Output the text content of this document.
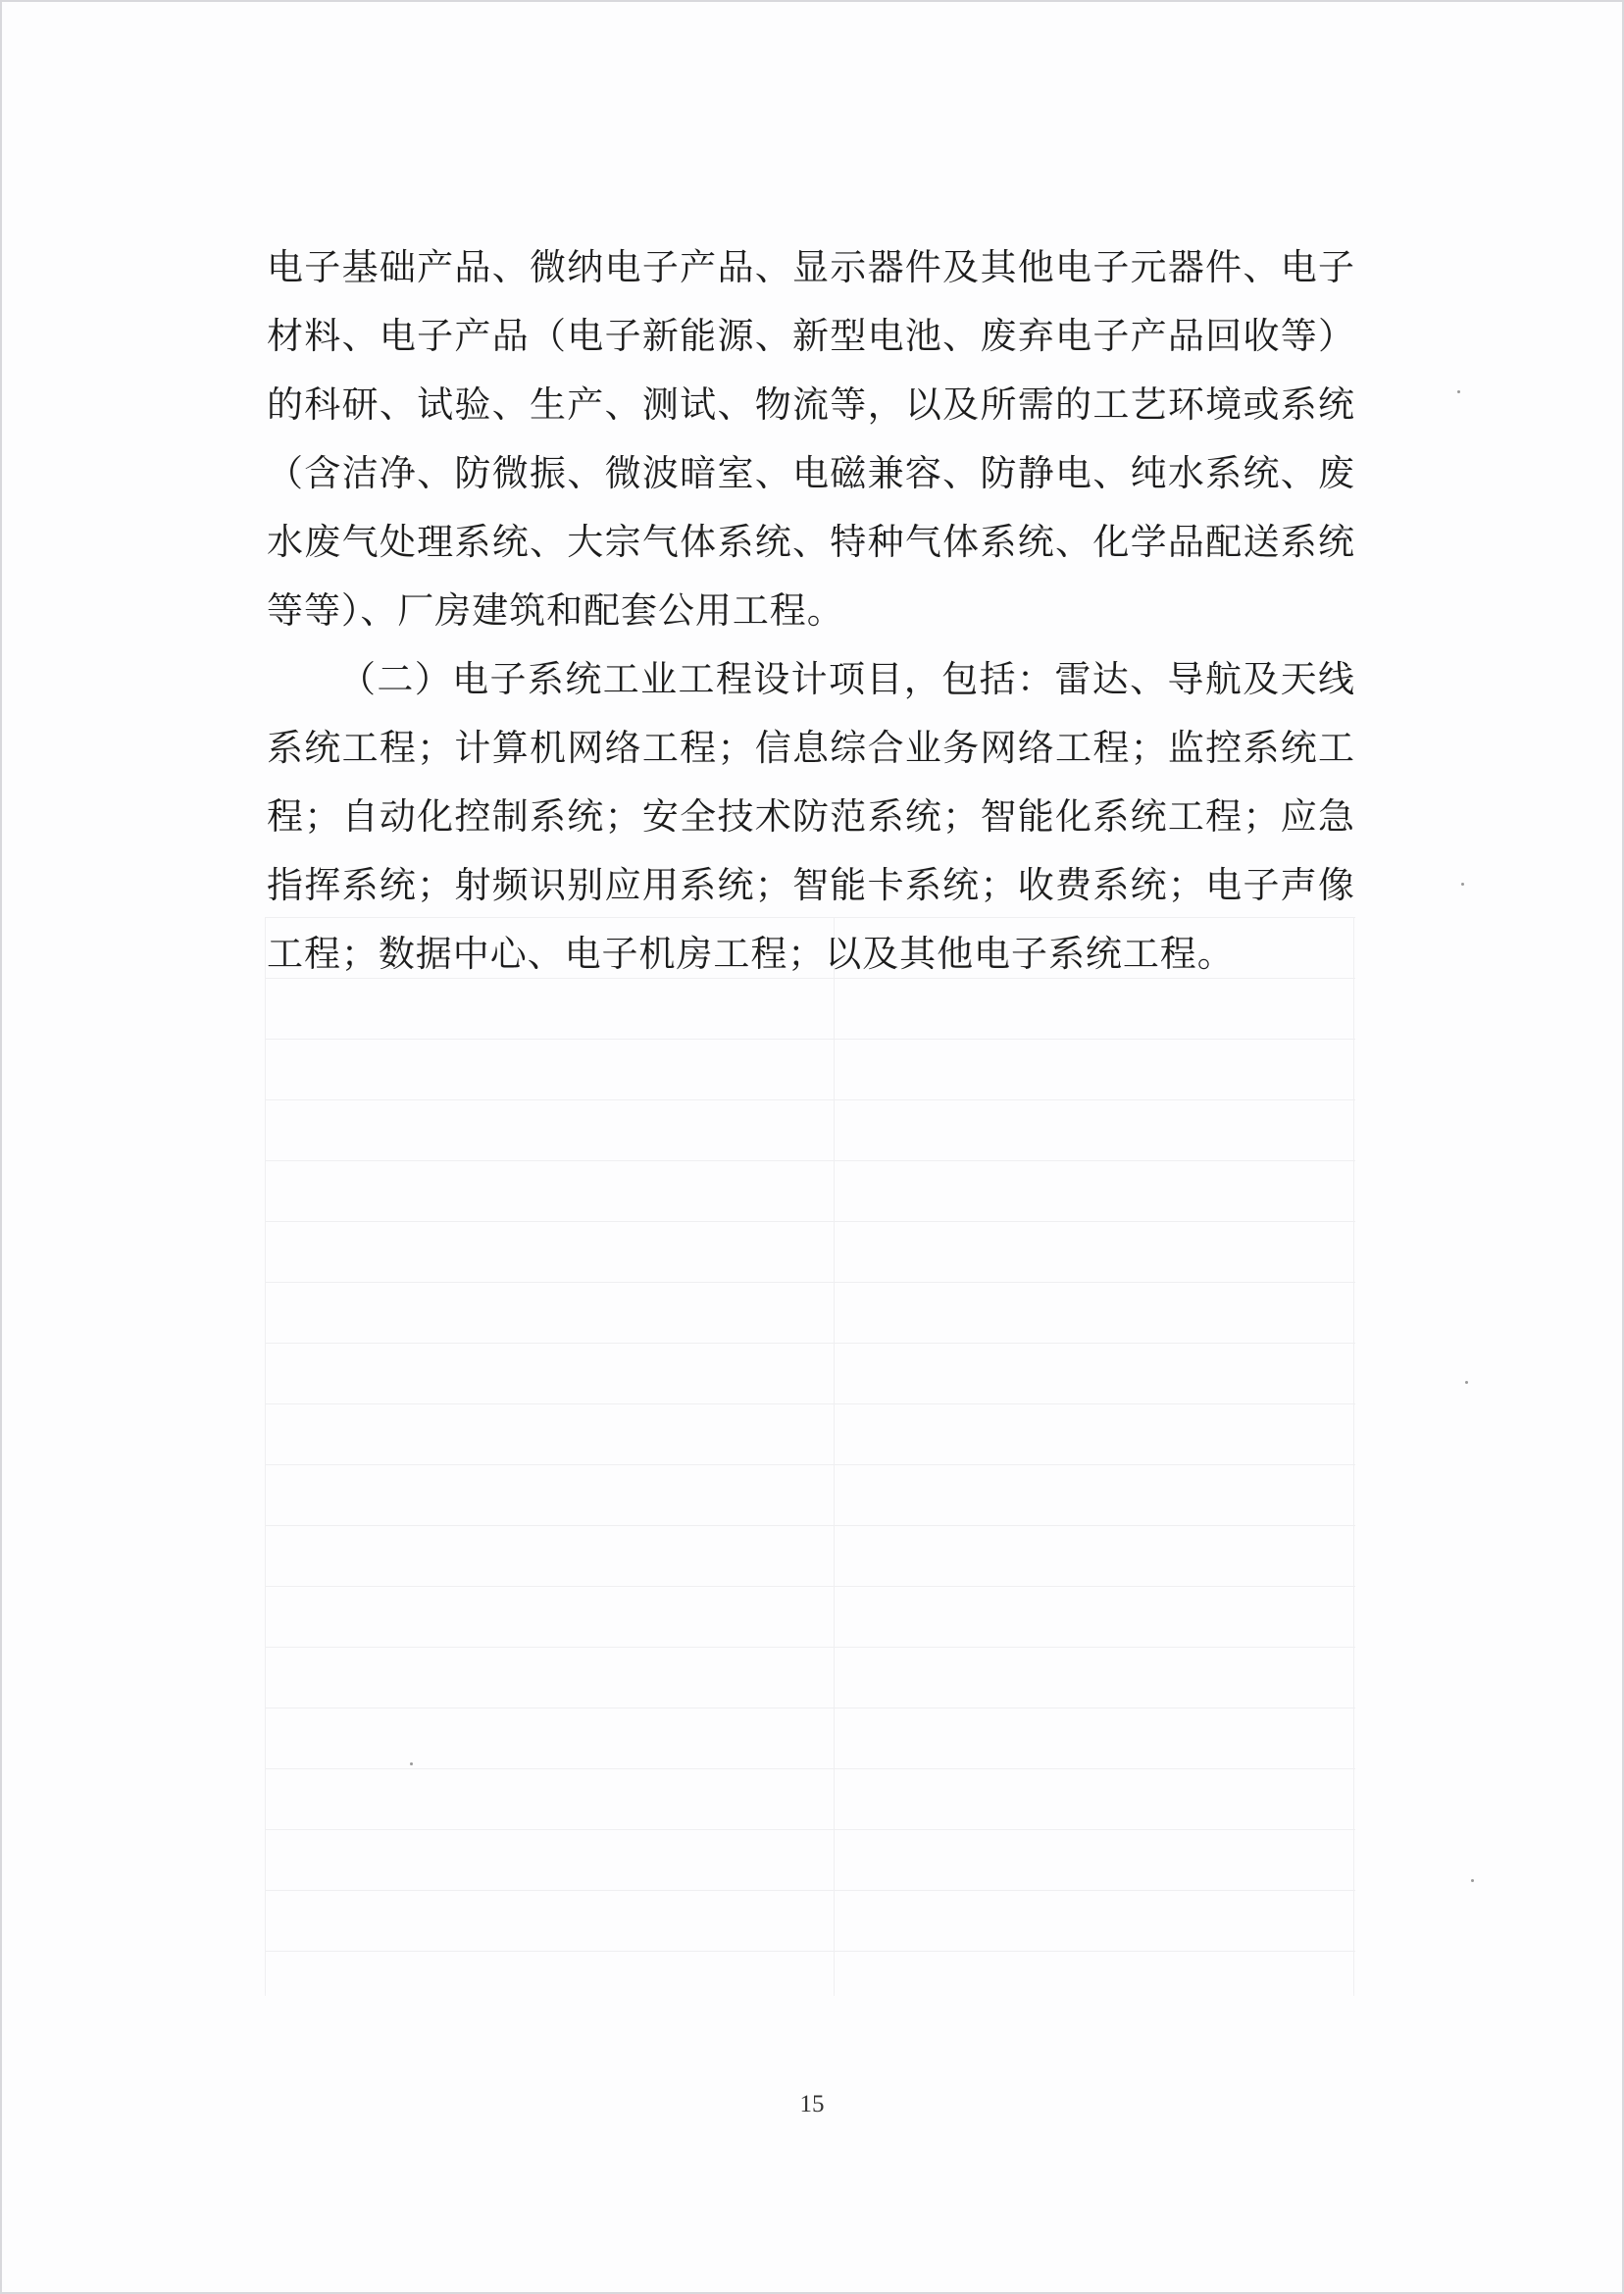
电子基础产品、微纳电子产品、显示器件及其他电子元器件、电子材料、电子产品（电子新能源、新型电池、废弃电子产品回收等）的科研、试验、生产、测试、物流等，以及所需的工艺环境或系统（含洁净、防微振、微波暗室、电磁兼容、防静电、纯水系统、废水废气处理系统、大宗气体系统、特种气体系统、化学品配送系统等等）、厂房建筑和配套公用工程。

（二）电子系统工业工程设计项目，包括：雷达、导航及天线系统工程；计算机网络工程；信息综合业务网络工程；监控系统工程；自动化控制系统；安全技术防范系统；智能化系统工程；应急指挥系统；射频识别应用系统；智能卡系统；收费系统；电子声像工程；数据中心、电子机房工程；以及其他电子系统工程。

15
